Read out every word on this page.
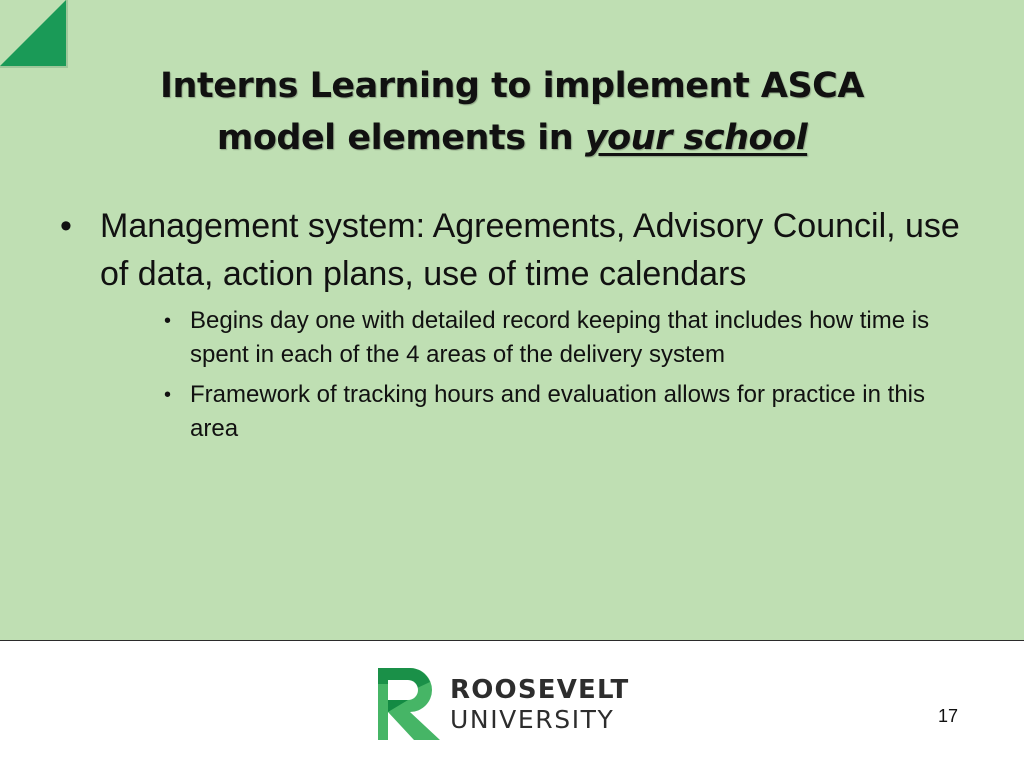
Interns Learning to implement ASCA
model elements in your school
• Management system: Agreements, Advisory Council, use of data, action plans, use of time calendars
• Begins day one with detailed record keeping that includes how time is spent in each of the 4 areas of the delivery system
• Framework of tracking hours and evaluation allows for practice in this area
ROOSEVELT
UNIVERSITY	17
